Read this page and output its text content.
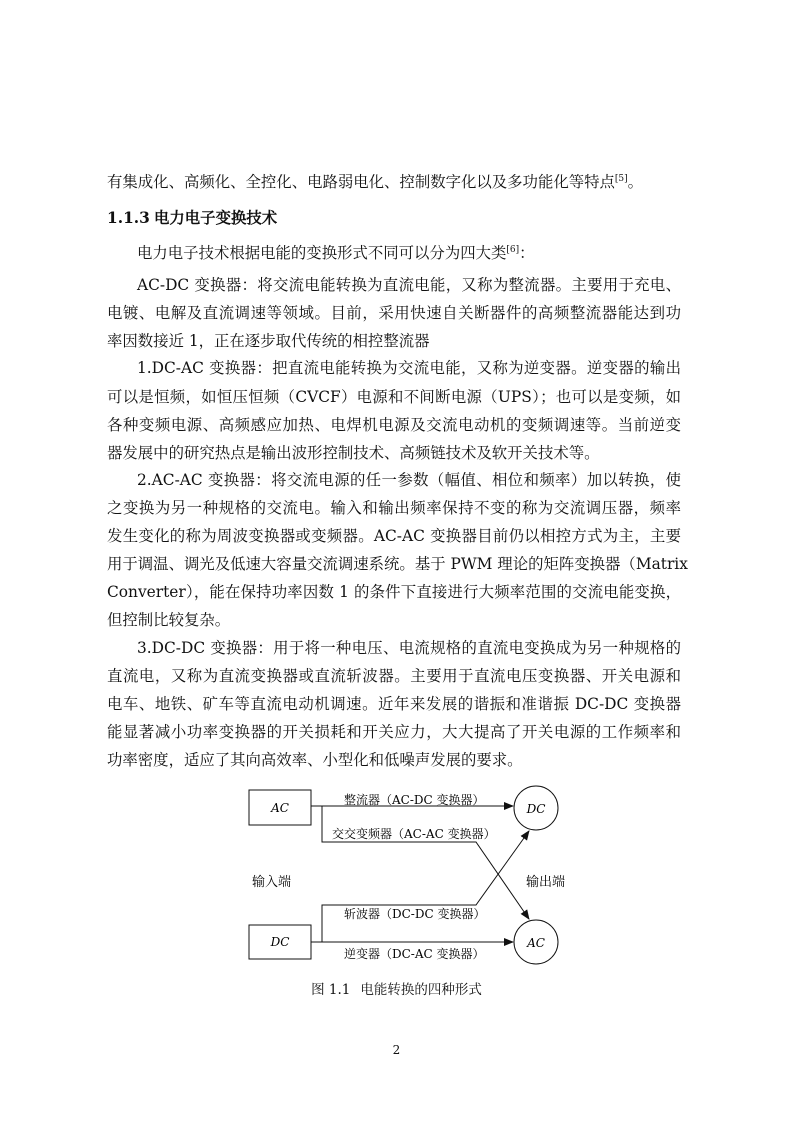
有集成化、高频化、全控化、电路弱电化、控制数字化以及多功能化等特点[5]。
1.1.3 电力电子变换技术
电力电子技术根据电能的变换形式不同可以分为四大类[6]：
AC-DC 变换器：将交流电能转换为直流电能，又称为整流器。主要用于充电、
电镀、电解及直流调速等领域。目前，采用快速自关断器件的高频整流器能达到功
率因数接近 1，正在逐步取代传统的相控整流器
1.DC-AC 变换器：把直流电能转换为交流电能，又称为逆变器。逆变器的输出
可以是恒频，如恒压恒频（CVCF）电源和不间断电源（UPS）；也可以是变频，如
各种变频电源、高频感应加热、电焊机电源及交流电动机的变频调速等。当前逆变
器发展中的研究热点是输出波形控制技术、高频链技术及软开关技术等。
2.AC-AC 变换器：将交流电源的任一参数（幅值、相位和频率）加以转换，使
之变换为另一种规格的交流电。输入和输出频率保持不变的称为交流调压器，频率
发生变化的称为周波变换器或变频器。AC-AC 变换器目前仍以相控方式为主，主要
用于调温、调光及低速大容量交流调速系统。基于 PWM 理论的矩阵变换器（Matrix
Converter），能在保持功率因数 1 的条件下直接进行大频率范围的交流电能变换，
但控制比较复杂。
3.DC-DC 变换器：用于将一种电压、电流规格的直流电变换成为另一种规格的
直流电，又称为直流变换器或直流斩波器。主要用于直流电压变换器、开关电源和
电车、地铁、矿车等直流电动机调速。近年来发展的谐振和准谐振 DC-DC 变换器
能显著减小功率变换器的开关损耗和开关应力，大大提高了开关电源的工作频率和
功率密度，适应了其向高效率、小型化和低噪声发展的要求。
AC
DC
DC
AC
整流器（AC-DC 变换器）
交交变频器（AC-AC 变换器）
斩波器（DC-DC 变换器）
逆变器（DC-AC 变换器）
输入端	输出端
图 1.1 电能转换的四种形式
2
